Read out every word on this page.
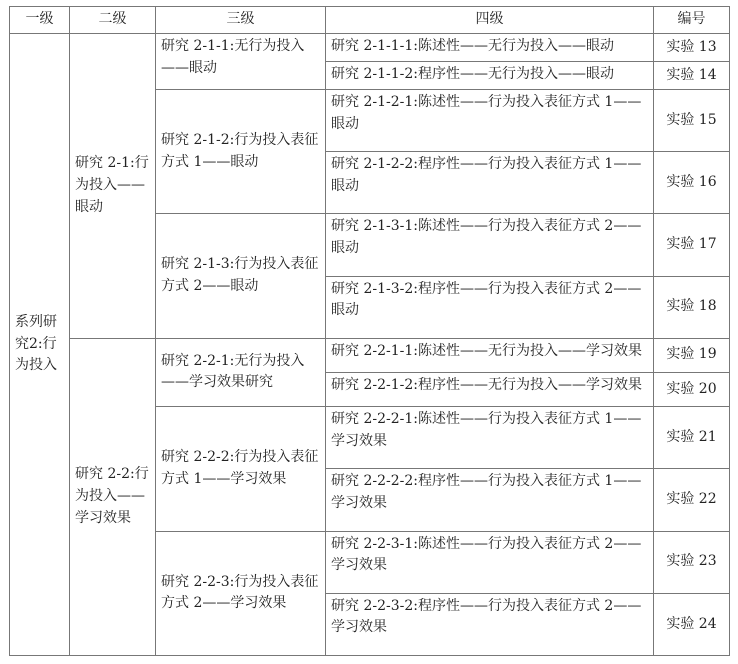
一级	二级	三级	四级	编号
系列研究2:行为投入	研究 2-1:行为投入——眼动	研究 2-1-1:无行为投入——眼动	研究 2-1-1-1:陈述性——无行为投入——眼动	实验 13
			研究 2-1-1-2:程序性——无行为投入——眼动	实验 14
		研究 2-1-2:行为投入表征方式 1——眼动	研究 2-1-2-1:陈述性——行为投入表征方式 1——眼动	实验 15
			研究 2-1-2-2:程序性——行为投入表征方式 1——眼动	实验 16
		研究 2-1-3:行为投入表征方式 2——眼动	研究 2-1-3-1:陈述性——行为投入表征方式 2——眼动	实验 17
			研究 2-1-3-2:程序性——行为投入表征方式 2——眼动	实验 18
	研究 2-2:行为投入——学习效果	研究 2-2-1:无行为投入——学习效果研究	研究 2-2-1-1:陈述性——无行为投入——学习效果	实验 19
			研究 2-2-1-2:程序性——无行为投入——学习效果	实验 20
		研究 2-2-2:行为投入表征方式 1——学习效果	研究 2-2-2-1:陈述性——行为投入表征方式 1——学习效果	实验 21
			研究 2-2-2-2:程序性——行为投入表征方式 1——学习效果	实验 22
		研究 2-2-3:行为投入表征方式 2——学习效果	研究 2-2-3-1:陈述性——行为投入表征方式 2——学习效果	实验 23
			研究 2-2-3-2:程序性——行为投入表征方式 2——学习效果	实验 24
